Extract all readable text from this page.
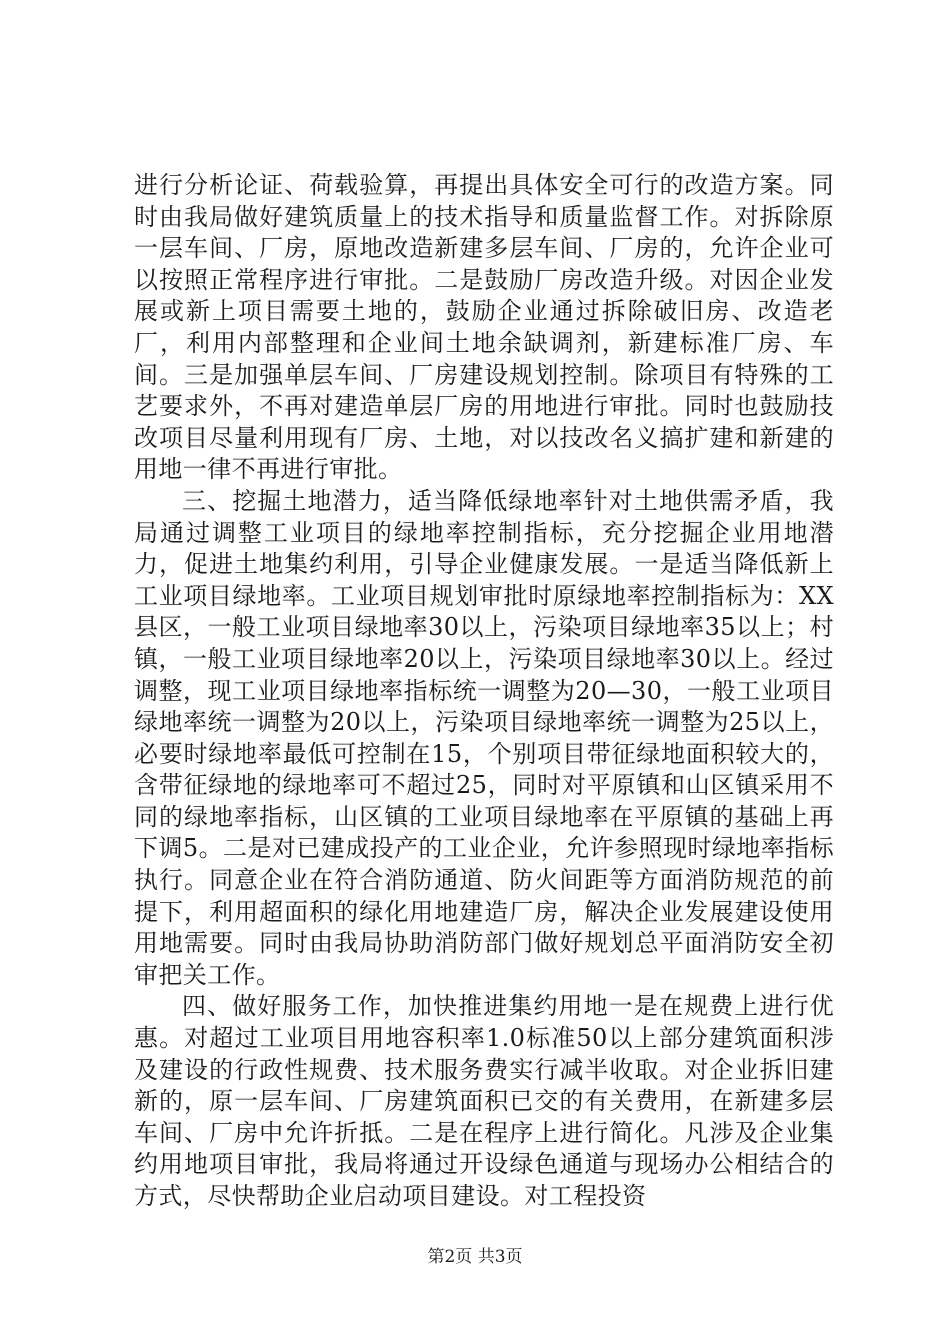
进行分析论证、荷载验算，再提出具体安全可行的改造方案。同时由我局做好建筑质量上的技术指导和质量监督工作。对拆除原一层车间、厂房，原地改造新建多层车间、厂房的，允许企业可以按照正常程序进行审批。二是鼓励厂房改造升级。对因企业发展或新上项目需要土地的，鼓励企业通过拆除破旧房、改造老厂，利用内部整理和企业间土地余缺调剂，新建标准厂房、车间。三是加强单层车间、厂房建设规划控制。除项目有特殊的工艺要求外，不再对建造单层厂房的用地进行审批。同时也鼓励技改项目尽量利用现有厂房、土地，对以技改名义搞扩建和新建的用地一律不再进行审批。

三、挖掘土地潜力，适当降低绿地率针对土地供需矛盾，我局通过调整工业项目的绿地率控制指标，充分挖掘企业用地潜力，促进土地集约利用，引导企业健康发展。一是适当降低新上工业项目绿地率。工业项目规划审批时原绿地率控制指标为：XX县区，一般工业项目绿地率30以上，污染项目绿地率35以上；村镇，一般工业项目绿地率20以上，污染项目绿地率30以上。经过调整，现工业项目绿地率指标统一调整为20—30，一般工业项目绿地率统一调整为20以上，污染项目绿地率统一调整为25以上，必要时绿地率最低可控制在15，个别项目带征绿地面积较大的，含带征绿地的绿地率可不超过25，同时对平原镇和山区镇采用不同的绿地率指标，山区镇的工业项目绿地率在平原镇的基础上再下调5。二是对已建成投产的工业企业，允许参照现时绿地率指标执行。同意企业在符合消防通道、防火间距等方面消防规范的前提下，利用超面积的绿化用地建造厂房，解决企业发展建设使用用地需要。同时由我局协助消防部门做好规划总平面消防安全初审把关工作。

四、做好服务工作，加快推进集约用地一是在规费上进行优惠。对超过工业项目用地容积率1.0标准50以上部分建筑面积涉及建设的行政性规费、技术服务费实行减半收取。对企业拆旧建新的，原一层车间、厂房建筑面积已交的有关费用，在新建多层车间、厂房中允许折抵。二是在程序上进行简化。凡涉及企业集约用地项目审批，我局将通过开设绿色通道与现场办公相结合的方式，尽快帮助企业启动项目建设。对工程投资

第2页 共3页
